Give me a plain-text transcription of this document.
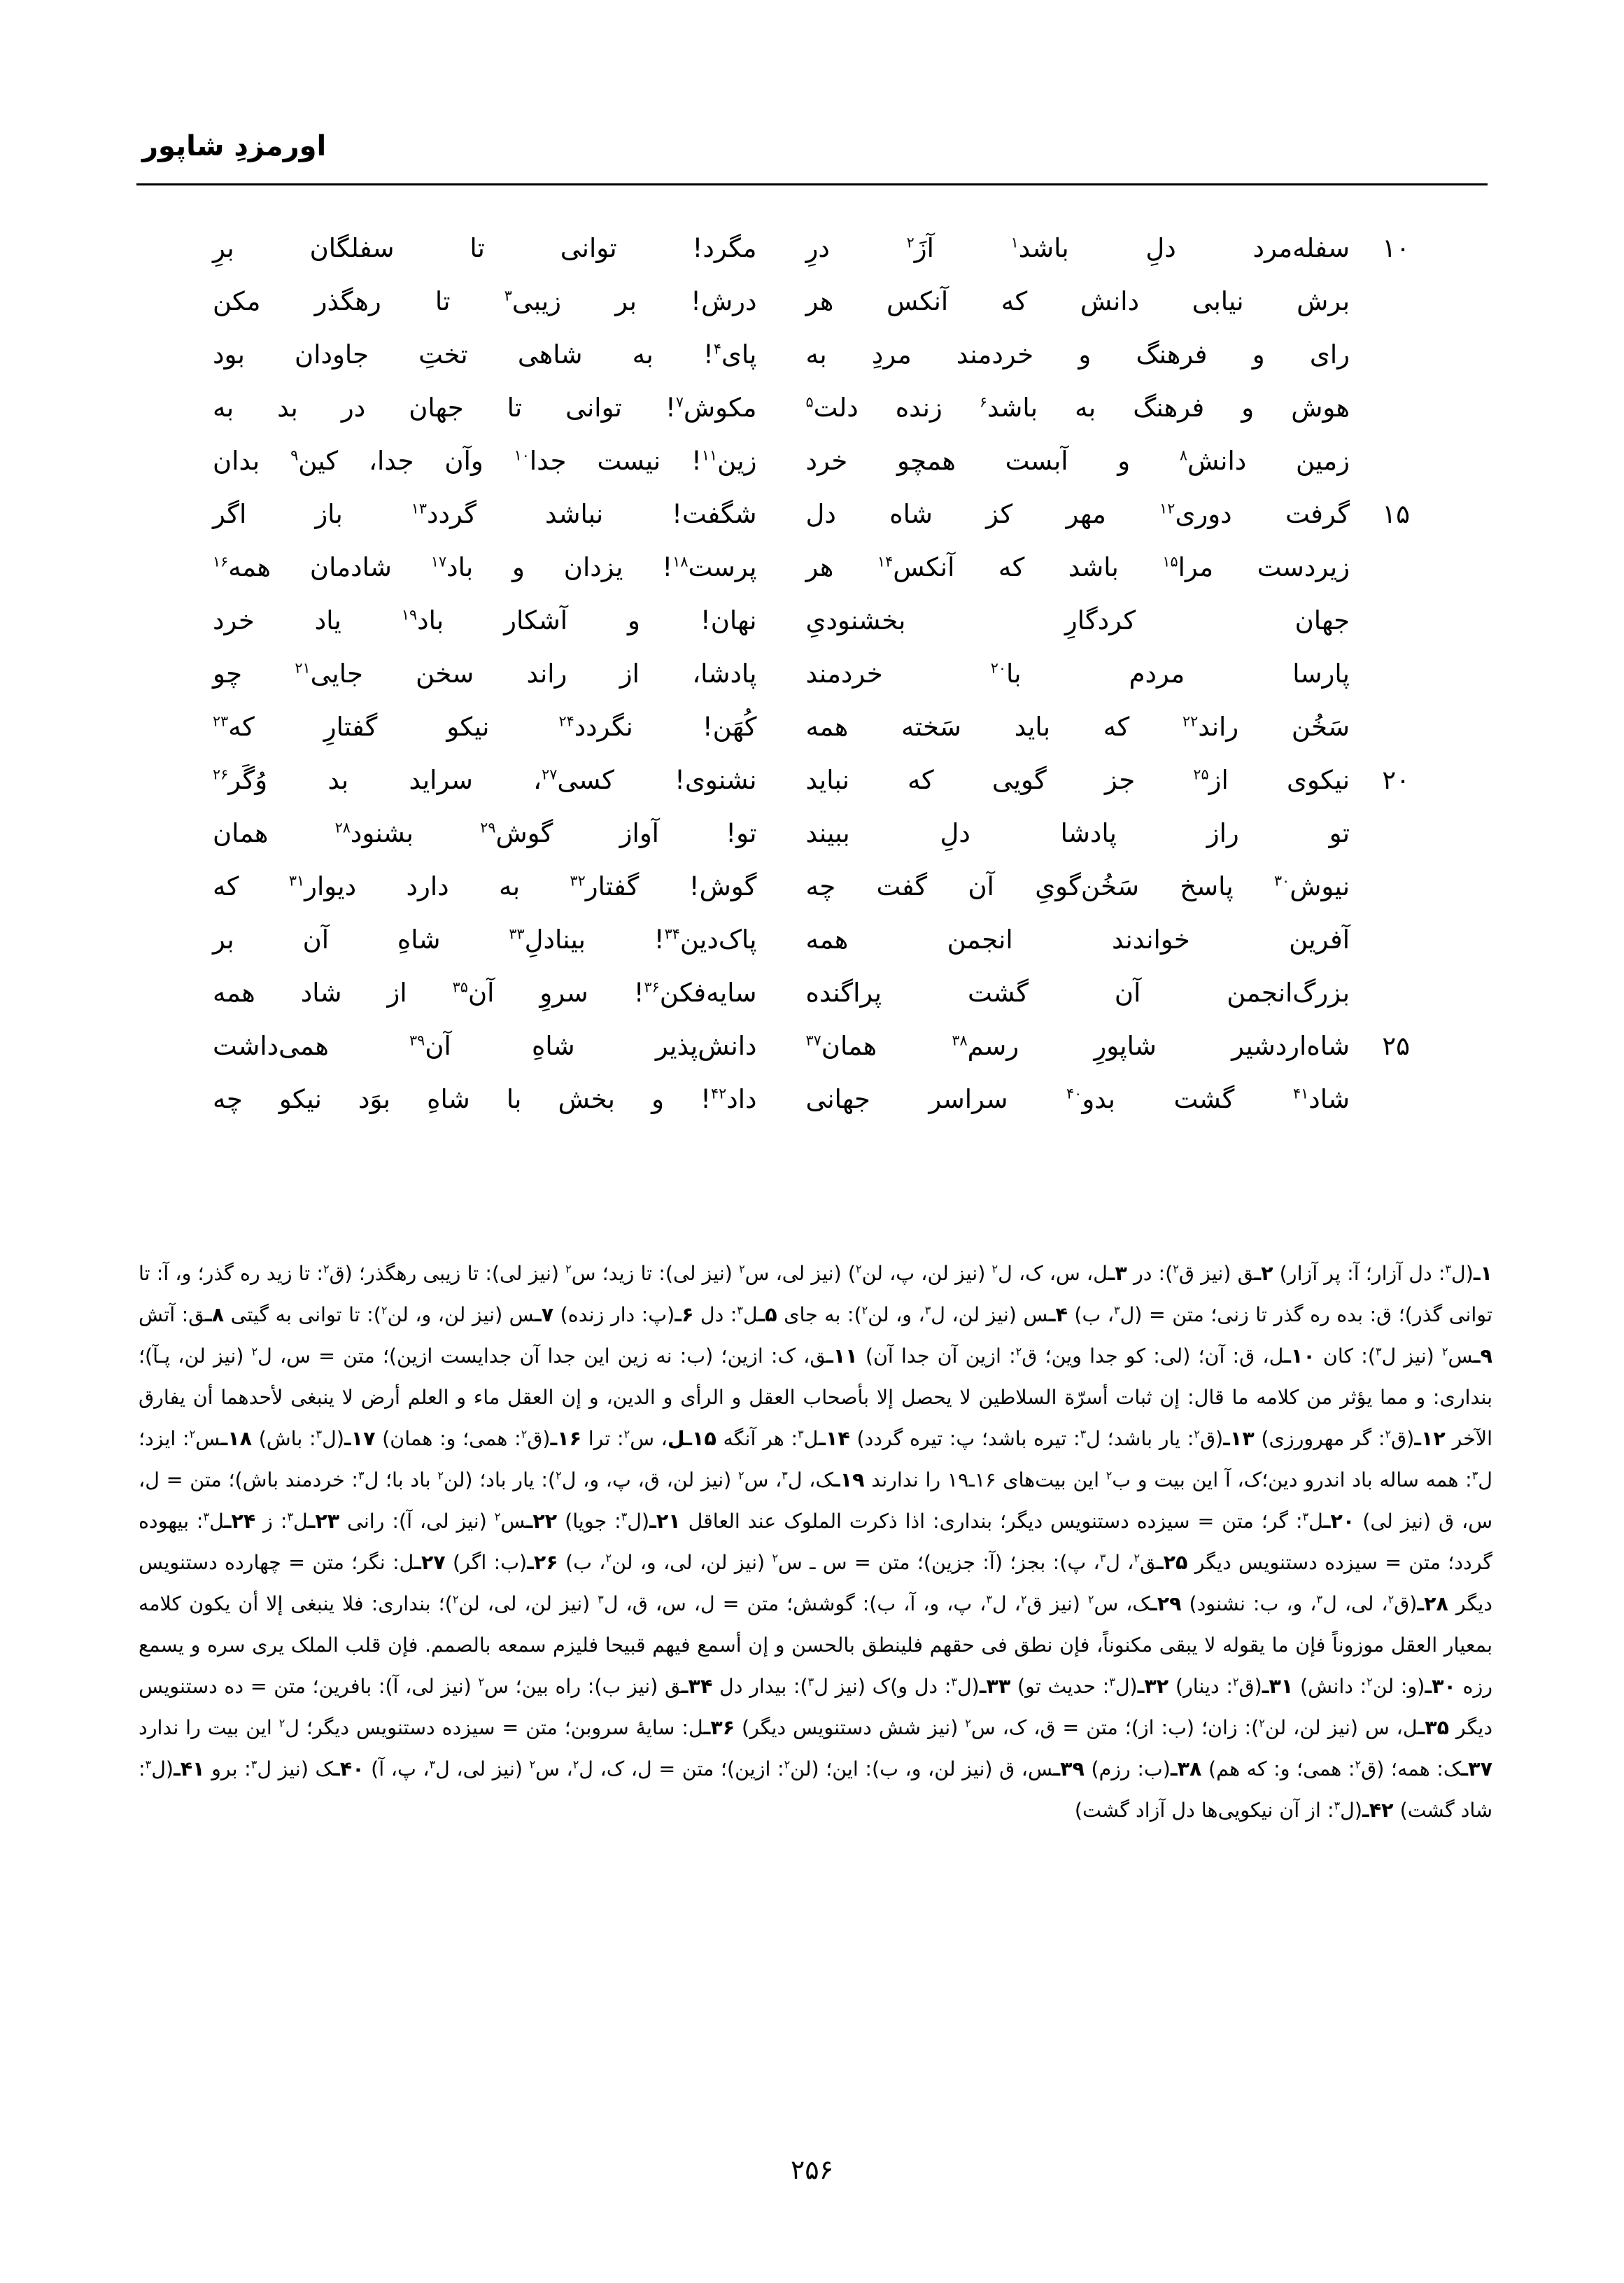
اورمزدِ شاپور
۱۰
سفله‌مرد دلِ باشد$^۱$ آزَ$^۲$ درِ
مگرد! توانی تا سفلگان برِ
برش نیابی دانش که آنکس هر
درش! بر زیبی$^۳$ تا رهگذر مکن
رای و فرهنگ و خردمند مردِ به
پای$^۴$! به شاهی تختِ جاودان بود
هوش و فرهنگ به باشد$^۶$ زنده دلت$^۵$
مکوش$^۷$! توانی تا جهان در بد به
زمین دانش$^۸$ و آبست همچو خرد
زین$^{۱۱}$! نیست جدا$^{۱۰}$ وآن جدا، کین$^۹$ بدان
۱۵
گرفت دوری$^{۱۲}$ مهر کز شاه دل
شگفت! نباشد گردد$^{۱۳}$ باز اگر
زیردست مرا$^{۱۵}$ باشد که آنکس$^{۱۴}$ هر
پرست$^{۱۸}$! یزدان و باد$^{۱۷}$ شادمان همه$^{۱۶}$
جهان کردگارِ بخشنودیِ
نهان! و آشکار باد$^{۱۹}$ یاد خرد
پارسا مردم با$^{۲۰}$ خردمند
پادشا، از راند سخن جایی$^{۲۱}$ چو
سَخُن راند$^{۲۲}$ که باید سَخته همه
کُهَن! نگردد$^{۲۴}$ نیکو گفتارِ که$^{۲۳}$
۲۰
نیکوی از$^{۲۵}$ جز گویی که نباید
نشنوی! کسی$^{۲۷}$، سراید بد وُگَر$^{۲۶}$
تو راز پادشا دلِ ببیند
تو! آواز گوش$^{۲۹}$ بشنود$^{۲۸}$ همان
نیوش$^{۳۰}$ پاسخ سَخُن‌گویِ آن گفت چه
گوش! گفتار$^{۳۲}$ به دارد دیوار$^{۳۱}$ که
آفرین خواندند انجمن همه
پاک‌دین$^{۳۴}$! بینادلِ$^{۳۳}$ شاهِ آن بر
بزرگ‌انجمن آن گشت پراگنده
سایه‌فکن$^{۳۶}$! سروِ آن$^{۳۵}$ از شاد همه
۲۵
شاه‌اردشیر شاپورِ رسم$^{۳۸}$ همان$^{۳۷}$
دانش‌پذیر شاهِ آن$^{۳۹}$ همی‌داشت
شاد$^{۴۱}$ گشت بدو$^{۴۰}$ سراسر جهانی
داد$^{۴۲}$! و بخش با شاهِ بوَد نیکو چه
۱ـ(ل$^۳$: دل آزار؛ آ: پر آزار) ۲ـق (نیز ق$^۲$): در ۳ـل، س، ک، ل$^۲$ (نیز لن، پ، لن$^۲$) (نیز لی، س$^۲$ (نیز لی): تا زید؛ س$^۲$ (نیز لی): تا زیبی رهگذر؛ (ق$^۲$: تا زید ره گذر؛ و، آ: تا توانی گذر)؛ ق: بده ره گذر تا زنی؛ متن = (ل$^۳$، ب) ۴ـس (نیز لن، ل$^۳$، و، لن$^۲$): به جای ۵ـل$^۳$: دل ۶ـ(پ: دار زنده) ۷ـس (نیز لن، و، لن$^۲$): تا توانی به گیتی ۸ـق: آتش ۹ـس$^۲$ (نیز ل$^۳$): کان ۱۰ـل، ق: آن؛ (لی: کو جدا وین؛ ق$^۲$: ازین آن جدا آن) ۱۱ـق، ک: ازین؛ (ب: نه زین این جدا آن جدایست ازین)؛ متن = س، ل$^۲$ (نیز لن، پـآ)؛ بنداری: و مما یؤثر من کلامه ما قال: إن ثبات أسرّة السلاطین لا یحصل إلا بأصحاب العقل و الرأی و الدین، و إن العقل ماء و العلم أرض لا ینبغی لأحدهما أن یفارق الآخر ۱۲ـ(ق$^۲$: گر مهرورزی) ۱۳ـ(ق$^۲$: یار باشد؛ ل$^۳$: تیره باشد؛ پ: تیره گردد) ۱۴ـل$^۳$: هر آنگه ۱۵ـل، س$^۲$: ترا ۱۶ـ(ق$^۲$: همی؛ و: همان) ۱۷ـ(ل$^۳$: باش) ۱۸ـس$^۲$: ایزد؛ل$^۳$: همه ساله باد اندرو دین؛ک، آ این بیت و ب$^۲$ این بیت‌های ۱۶ـ۱۹ را ندارند ۱۹ـک، ل$^۳$، س$^۲$ (نیز لن، ق، پ، و، ل$^۲$): یار باد؛ (لن$^۲$ باد با؛ ل$^۳$: خردمند باش)؛ متن = ل، س، ق (نیز لی) ۲۰ـل$^۳$: گر؛ متن = سیزده دستنویس دیگر؛ بنداری: اذا ذکرت الملوک عند العاقل ۲۱ـ(ل$^۳$: جویا) ۲۲ـس$^۲$ (نیز لی، آ): رانی ۲۳ـل$^۳$: ز ۲۴ـل$^۳$: بیهوده گردد؛ متن = سیزده دستنویس دیگر ۲۵ـق$^۲$، ل$^۳$، پ): بجز؛ (آ: جزین)؛ متن = س ـ س$^۲$ (نیز لن، لی، و، لن$^۲$، ب) ۲۶ـ(ب: اگر) ۲۷ـل: نگر؛ متن = چهارده دستنویس دیگر ۲۸ـ(ق$^۲$، لی، ل$^۳$، و، ب: نشنود) ۲۹ـک، س$^۲$ (نیز ق$^۲$، ل$^۳$، پ، و، آ، ب): گوشش؛ متن = ل، س، ق، ل$^۳$ (نیز لن، لی، لن$^۲$)؛ بنداری: فلا ینبغی إلا أن یکون کلامه بمعیار العقل موزوناً فإن ما یقوله لا یبقی مکنوناً، فإن نطق فی حقهم فلینطق بالحسن و إن أسمع فیهم قبیحا فلیزم سمعه بالصمم. فإن قلب الملک یری سره و یسمع رزه ۳۰ـ(و: لن$^۲$: دانش) ۳۱ـ(ق$^۲$: دینار) ۳۲ـ(ل$^۳$: حدیث تو) ۳۳ـ(ل$^۳$: دل و)ک (نیز ل$^۳$): بیدار دل ۳۴ـق (نیز ب): راه بین؛ س$^۲$ (نیز لی، آ): بافرین؛ متن = ده دستنویس دیگر ۳۵ـل، س (نیز لن، لن$^۲$): زان؛ (ب: از)؛ متن = ق، ک، س$^۲$ (نیز شش دستنویس دیگر) ۳۶ـل: سایهٔ سروبن؛ متن = سیزده دستنویس دیگر؛ ل$^۲$ این بیت را ندارد ۳۷ـک: همه؛ (ق$^۲$: همی؛ و: که هم) ۳۸ـ(ب: رزم) ۳۹ـس، ق (نیز لن، و، ب): این؛ (لن$^۲$: ازین)؛ متن = ل، ک، ل$^۲$، س$^۲$ (نیز لی، ل$^۳$، پ، آ) ۴۰ـک (نیز ل$^۳$: برو ۴۱ـ(ل$^۳$: شاد گشت) ۴۲ـ(ل$^۳$: از آن نیکویی‌ها دل آزاد گشت)
۲۵۶
